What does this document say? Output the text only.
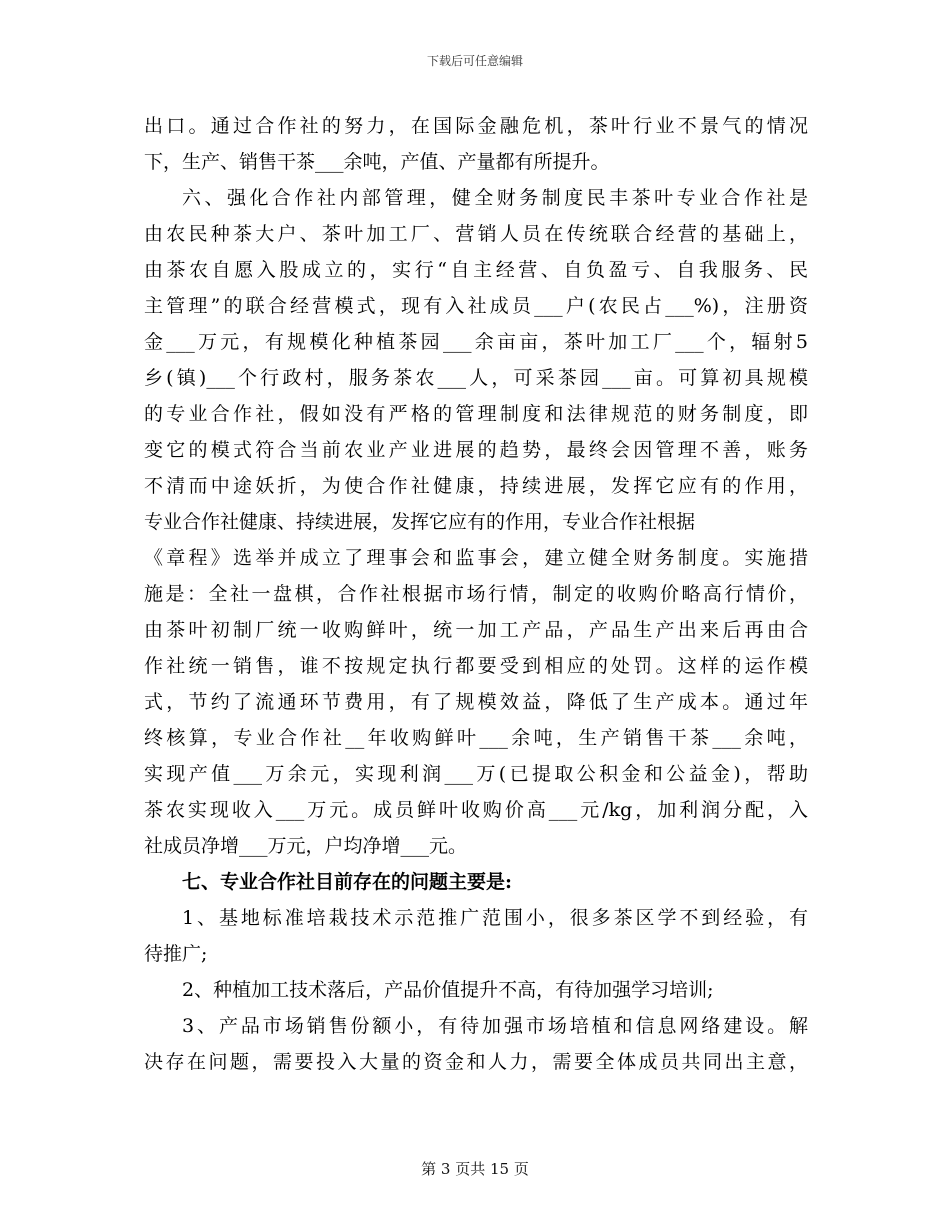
下载后可任意编辑
出口。通过合作社的努力，在国际金融危机，茶叶行业不景气的情况
下，生产、销售干茶___余吨，产值、产量都有所提升。
六、强化合作社内部管理，健全财务制度民丰茶叶专业合作社是
由农民种茶大户、茶叶加工厂、营销人员在传统联合经营的基础上，
由茶农自愿入股成立的，实行“自主经营、自负盈亏、自我服务、民
主管理”的联合经营模式，现有入社成员___户(农民占___%)，注册资
金___万元，有规模化种植茶园___余亩亩，茶叶加工厂___个，辐射5
乡(镇)___个行政村，服务茶农___人，可采茶园___亩。可算初具规模
的专业合作社，假如没有严格的管理制度和法律规范的财务制度，即
变它的模式符合当前农业产业进展的趋势，最终会因管理不善，账务
不清而中途妖折，为使合作社健康，持续进展，发挥它应有的作用，
专业合作社健康、持续进展，发挥它应有的作用，专业合作社根据
《章程》选举并成立了理事会和监事会，建立健全财务制度。实施措
施是：全社一盘棋，合作社根据市场行情，制定的收购价略高行情价，
由茶叶初制厂统一收购鲜叶，统一加工产品，产品生产出来后再由合
作社统一销售，谁不按规定执行都要受到相应的处罚。这样的运作模
式，节约了流通环节费用，有了规模效益，降低了生产成本。通过年
终核算，专业合作社__年收购鲜叶___余吨，生产销售干茶___余吨，
实现产值___万余元，实现利润___万(已提取公积金和公益金)，帮助
茶农实现收入___万元。成员鲜叶收购价高___元/kg，加利润分配，入
社成员净增___万元，户均净增___元。
七、专业合作社目前存在的问题主要是:
1、基地标准培栽技术示范推广范围小，很多茶区学不到经验，有
待推广;
2、种植加工技术落后，产品价值提升不高，有待加强学习培训;
3、产品市场销售份额小，有待加强市场培植和信息网络建设。解
决存在问题，需要投入大量的资金和人力，需要全体成员共同出主意，
第 3 页共 15 页
